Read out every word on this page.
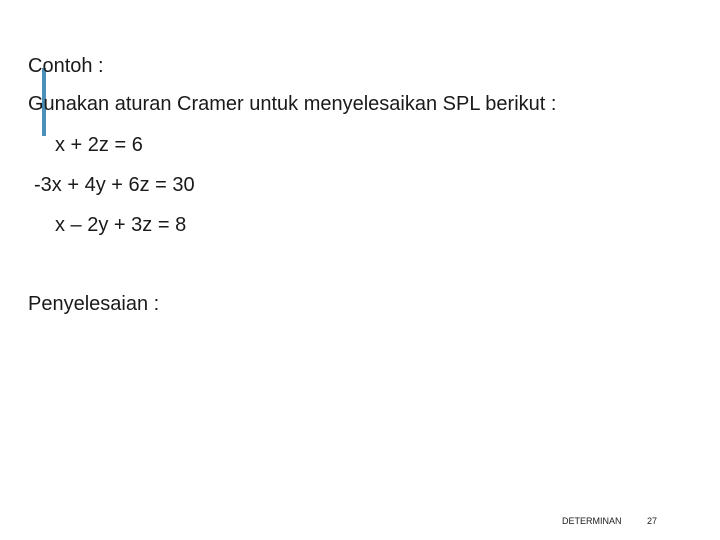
Contoh :
Gunakan aturan Cramer untuk menyelesaikan SPL berikut :
x + 2z = 6
-3x + 4y + 6z = 30
x – 2y + 3z = 8
Penyelesaian :
DETERMINAN	27
